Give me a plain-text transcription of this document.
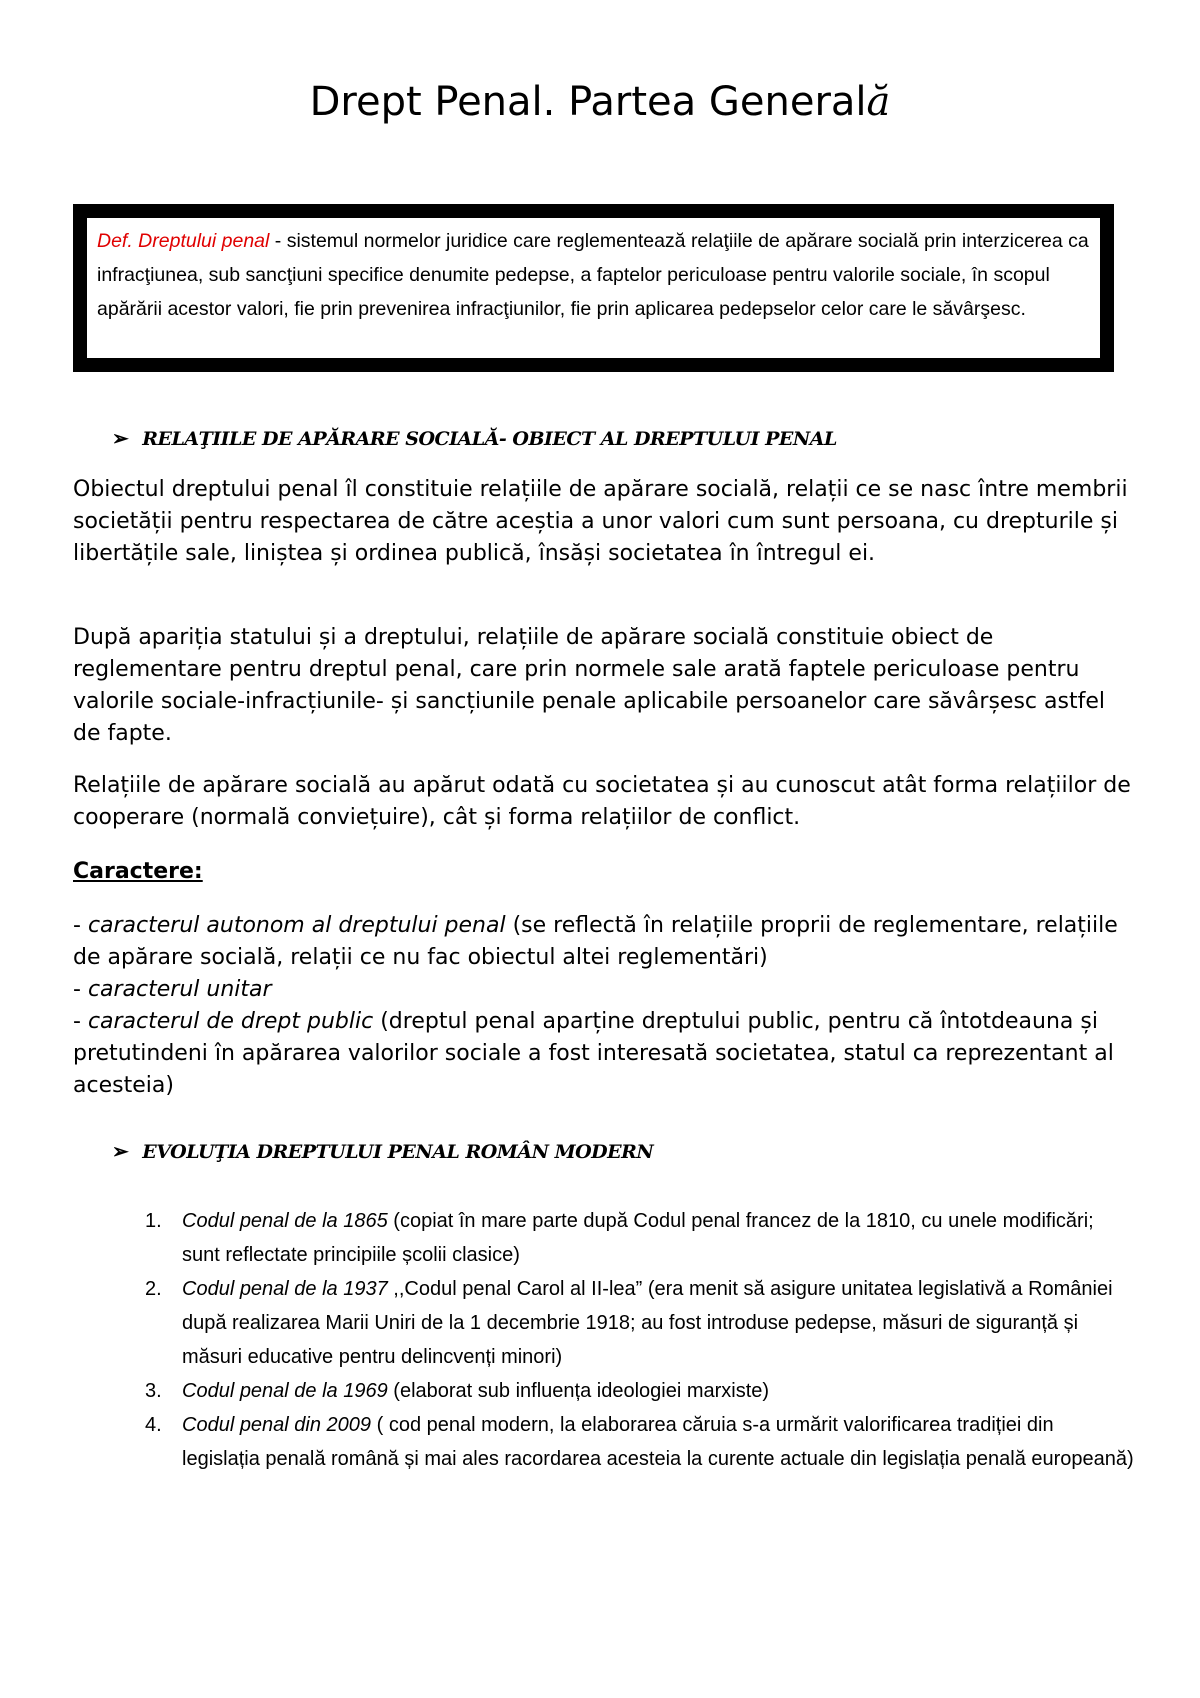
Drept Penal. Partea Generală
Def. Dreptului penal - sistemul normelor juridice care reglementează relaţiile de apărare socială prin interzicerea ca infracţiunea, sub sancţiuni specifice denumite pedepse, a faptelor periculoase pentru valorile sociale, în scopul apărării acestor valori, fie prin prevenirea infracţiunilor, fie prin aplicarea pedepselor celor care le săvârşesc.
➢ RELAŢIILE DE APĂRARE SOCIALĂ- OBIECT AL DREPTULUI PENAL
Obiectul dreptului penal îl constituie relațiile de apărare socială, relații ce se nasc între membrii societății pentru respectarea de către aceștia a unor valori cum sunt persoana, cu drepturile și libertățile sale, liniștea și ordinea publică, însăși societatea în întregul ei.
După apariția statului și a dreptului, relațiile de apărare socială constituie obiect de reglementare pentru dreptul penal, care prin normele sale arată faptele periculoase pentru valorile sociale-infracțiunile- și sancțiunile penale aplicabile persoanelor care săvârșesc astfel de fapte.
Relațiile de apărare socială au apărut odată cu societatea și au cunoscut atât forma relațiilor de cooperare (normală conviețuire), cât și forma relațiilor de conflict.
Caractere:
- caracterul autonom al dreptului penal (se reflectă în relațiile proprii de reglementare, relațiile de apărare socială, relații ce nu fac obiectul altei reglementări)
- caracterul unitar
- caracterul de drept public (dreptul penal aparține dreptului public, pentru că întotdeauna și pretutindeni în apărarea valorilor sociale a fost interesată societatea, statul ca reprezentant al acesteia)
➢ EVOLUŢIA DREPTULUI PENAL ROMÂN MODERN
1. Codul penal de la 1865 (copiat în mare parte după Codul penal francez de la 1810, cu unele modificări; sunt reflectate principiile școlii clasice)
2. Codul penal de la 1937 ,,Codul penal Carol al II-lea” (era menit să asigure unitatea legislativă a României după realizarea Marii Uniri de la 1 decembrie 1918; au fost introduse pedepse, măsuri de siguranță și măsuri educative pentru delincvenți minori)
3. Codul penal de la 1969 (elaborat sub influența ideologiei marxiste)
4. Codul penal din 2009 ( cod penal modern, la elaborarea căruia s-a urmărit valorificarea tradiției din legislația penală română și mai ales racordarea acesteia la curente actuale din legislația penală europeană)
